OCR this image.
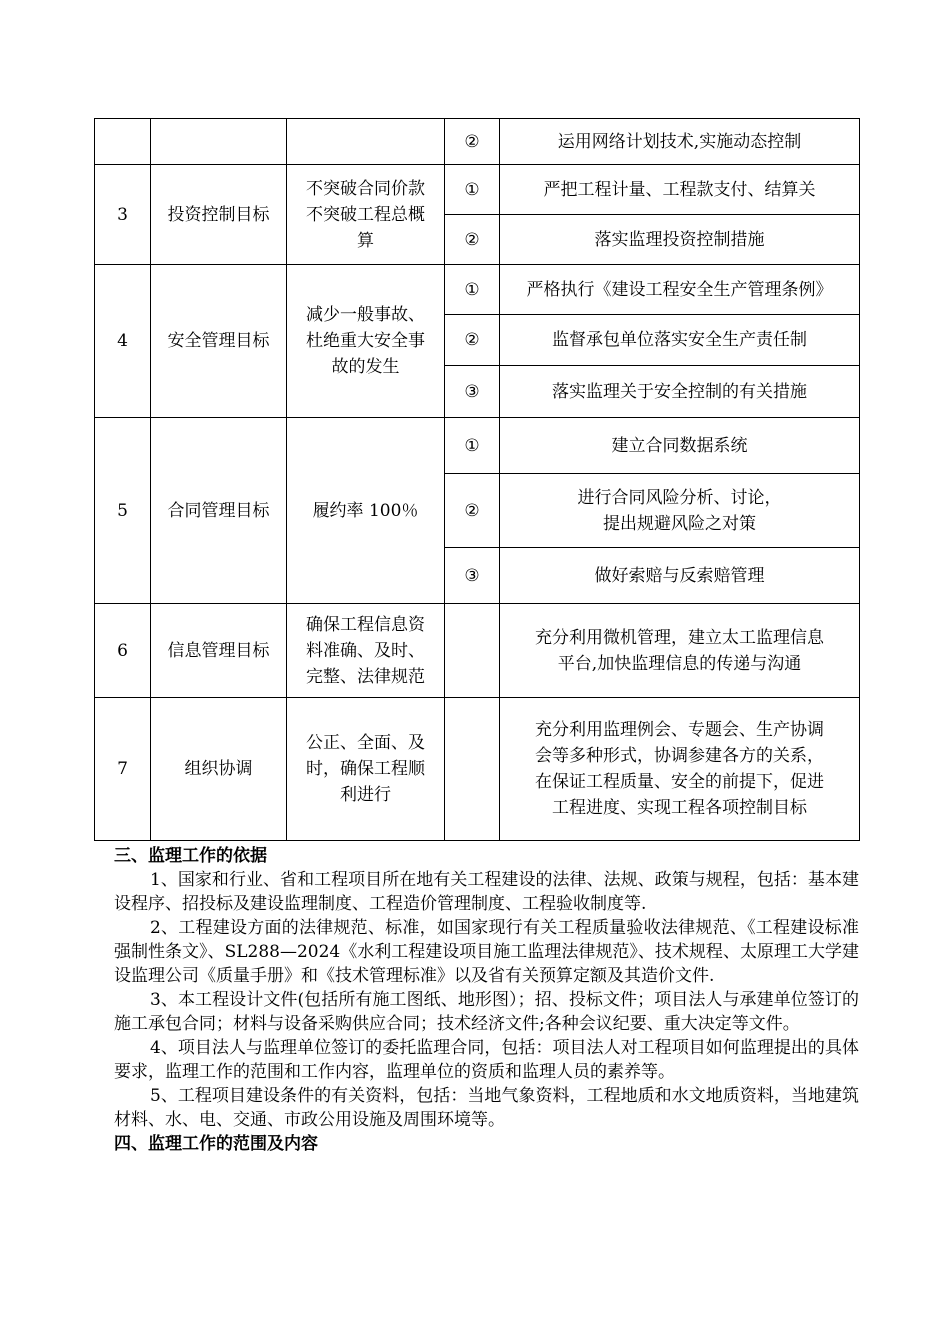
			②	运用网络计划技术,实施动态控制

3	投资控制目标	不突破合同价款
不突破工程总概
算	①	严把工程计量、工程款支付、结算关

			②	落实监理投资控制措施

4	安全管理目标	减少一般事故、
杜绝重大安全事
故的发生	①	严格执行《建设工程安全生产管理条例》

			②	监督承包单位落实安全生产责任制

			③	落实监理关于安全控制的有关措施

5	合同管理目标	履约率 100％	①	建立合同数据系统

			②	进行合同风险分析、讨论，
提出规避风险之对策

			③	做好索赔与反索赔管理

6	信息管理目标	确保工程信息资
料准确、及时、
完整、法律规范		充分利用微机管理，建立太工监理信息
平台,加快监理信息的传递与沟通

7	组织协调	公正、全面、及
时，确保工程顺
利进行		充分利用监理例会、专题会、生产协调
会等多种形式，协调参建各方的关系，
在保证工程质量、安全的前提下，促进
工程进度、实现工程各项控制目标

三、监理工作的依据

1、国家和行业、省和工程项目所在地有关工程建设的法律、法规、政策与规程，包括：基本建设程序、招投标及建设监理制度、工程造价管理制度、工程验收制度等.

2、工程建设方面的法律规范、标准，如国家现行有关工程质量验收法律规范、《工程建设标准强制性条文》、SL288—2024《水利工程建设项目施工监理法律规范》、技术规程、太原理工大学建设监理公司《质量手册》和《技术管理标准》以及省有关预算定额及其造价文件.

3、本工程设计文件(包括所有施工图纸、地形图）；招、投标文件；项目法人与承建单位签订的施工承包合同；材料与设备采购供应合同；技术经济文件;各种会议纪要、重大决定等文件。

4、项目法人与监理单位签订的委托监理合同，包括：项目法人对工程项目如何监理提出的具体要求，监理工作的范围和工作内容，监理单位的资质和监理人员的素养等。

5、工程项目建设条件的有关资料，包括：当地气象资料，工程地质和水文地质资料，当地建筑材料、水、电、交通、市政公用设施及周围环境等。

四、监理工作的范围及内容
